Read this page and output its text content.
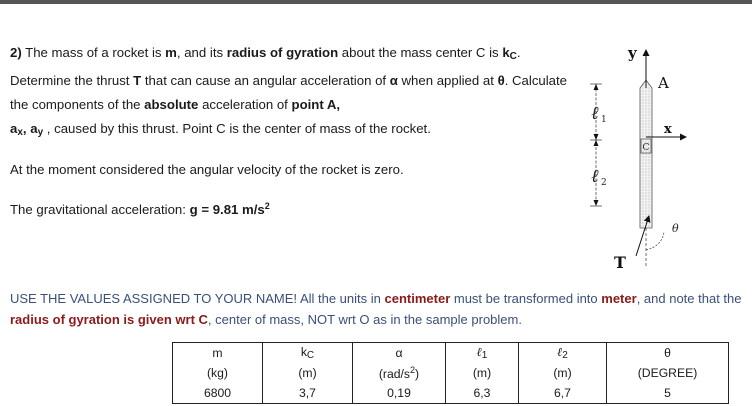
2) The mass of a rocket is m, and its radius of gyration about the mass center C is $k_C$. Determine the thrust T that can cause an angular acceleration of α when applied at θ. Calculate the components of the absolute acceleration of point A,
$a_x$, $a_y$ , caused by this thrust. Point C is the center of mass of the rocket.

At the moment considered the angular velocity of the rocket is zero.

The gravitational acceleration: g = 9.81 $m/s^2$

C
y
A
x
ℓ 1
ℓ 2
T
θ
USE THE VALUES ASSIGNED TO YOUR NAME! All the units in centimeter must be transformed into meter, and note that the radius of gyration is given wrt C, center of mass, NOT wrt O as in the sample problem.
m	$k_C$	α	ℓ$_1$	ℓ$_2$	θ
(kg)	(m)	$(rad/s^2)$	(m)	(m)	(DEGREE)
6800	3,7	0,19	6,3	6,7	5
